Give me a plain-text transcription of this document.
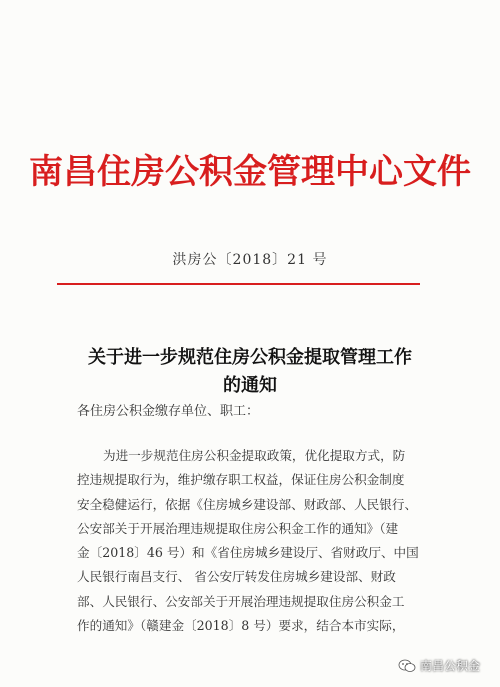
南昌住房公积金管理中心文件
洪房公〔2018〕21 号
关于进一步规范住房公积金提取管理工作
的通知
各住房公积金缴存单位、职工：
为进一步规范住房公积金提取政策，优化提取方式，防
控违规提取行为，维护缴存职工权益，保证住房公积金制度
安全稳健运行，依据《住房城乡建设部、财政部、人民银行、
公安部关于开展治理违规提取住房公积金工作的通知》（建
金〔2018〕46 号）和《省住房城乡建设厅、省财政厅、中国
人民银行南昌支行、 省公安厅转发住房城乡建设部、财政
部、人民银行、公安部关于开展治理违规提取住房公积金工
作的通知》（赣建金〔2018〕8 号）要求，结合本市实际，
南昌公积金
